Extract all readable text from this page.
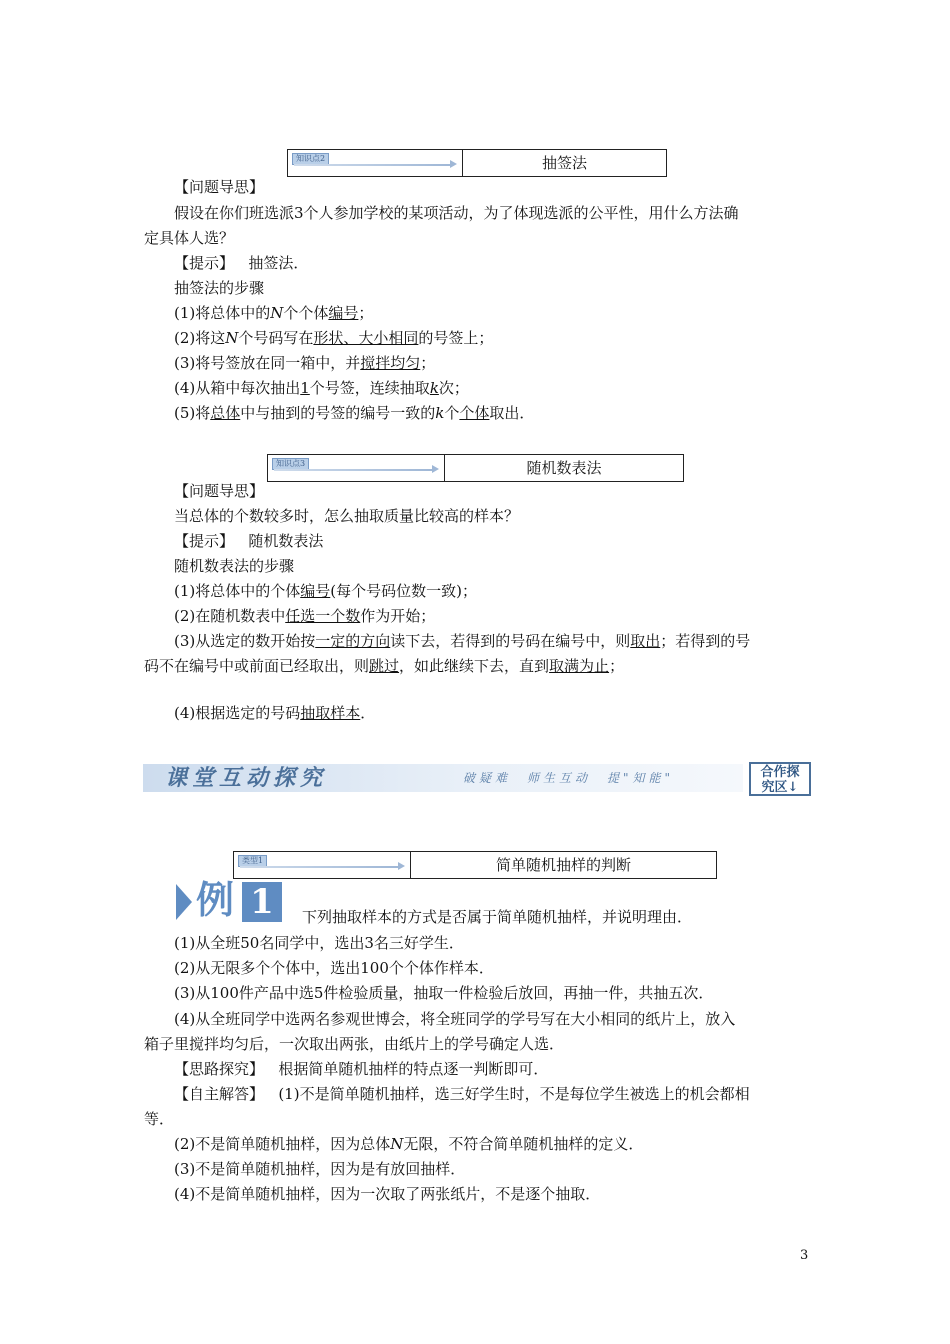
知识点2	抽签法
【问题导思】
假设在你们班选派3个人参加学校的某项活动，为了体现选派的公平性，用什么方法确
定具体人选？
【提示】 抽签法．
抽签法的步骤
(1)将总体中的N个个体编号；
(2)将这N个号码写在形状、大小相同的号签上；
(3)将号签放在同一箱中，并搅拌均匀；
(4)从箱中每次抽出1个号签，连续抽取k次；
(5)将总体中与抽到的号签的编号一致的k个个体取出．
知识点3	随机数表法
【问题导思】
当总体的个数较多时，怎么抽取质量比较高的样本？
【提示】 随机数表法
随机数表法的步骤
(1)将总体中的个体编号(每个号码位数一致)；
(2)在随机数表中任选一个数作为开始；
(3)从选定的数开始按一定的方向读下去，若得到的号码在编号中，则取出；若得到的号
码不在编号中或前面已经取出，则跳过，如此继续下去，直到取满为止；
(4)根据选定的号码抽取样本．
课堂互动探究	破疑难　师生互动　提"知能"	合作探
究区↓
类型1	简单随机抽样的判断
例 1	下列抽取样本的方式是否属于简单随机抽样，并说明理由．
(1)从全班50名同学中，选出3名三好学生．
(2)从无限多个个体中，选出100个个体作样本．
(3)从100件产品中选5件检验质量，抽取一件检验后放回，再抽一件，共抽五次．
(4)从全班同学中选两名参观世博会，将全班同学的学号写在大小相同的纸片上，放入
箱子里搅拌均匀后，一次取出两张，由纸片上的学号确定人选．
【思路探究】 根据简单随机抽样的特点逐一判断即可．
【自主解答】 (1)不是简单随机抽样，选三好学生时，不是每位学生被选上的机会都相
等．
(2)不是简单随机抽样，因为总体N无限，不符合简单随机抽样的定义．
(3)不是简单随机抽样，因为是有放回抽样．
(4)不是简单随机抽样，因为一次取了两张纸片，不是逐个抽取．
3
